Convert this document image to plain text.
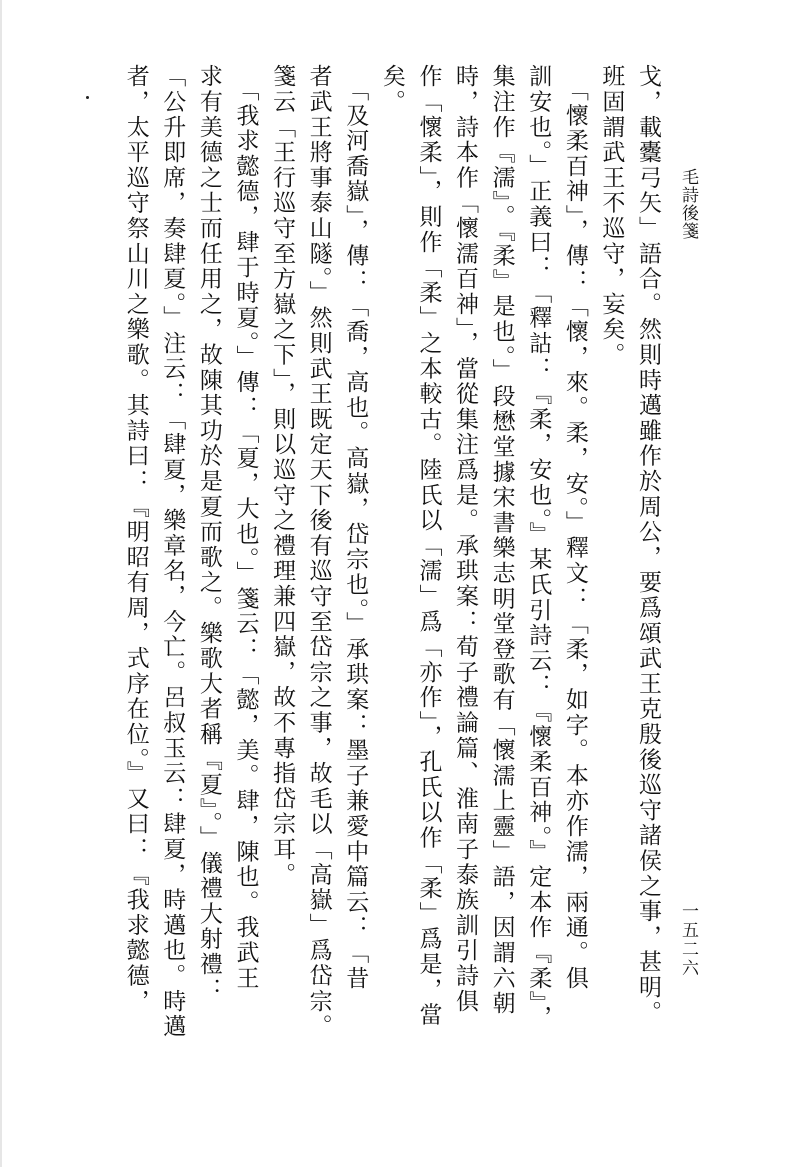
毛詩後箋
一五二六

戈，載櫜弓矢」語合。然則時邁雖作於周公，要爲頌武王克殷後巡守諸侯之事，甚明。

班固謂武王不巡守，妄矣。

　「懷柔百神」，傳：「懷，來。柔，安。」釋文：「柔，如字。本亦作濡，兩通。俱

訓安也。」正義曰：「釋詁：『柔，安也。』某氏引詩云：『懷柔百神。』定本作『柔』，

集注作『濡』。『柔』是也。」段懋堂據宋書樂志明堂登歌有「懷濡上靈」語，因謂六朝

時，詩本作「懷濡百神」，當從集注爲是。承珙案：荀子禮論篇、淮南子泰族訓引詩俱

作「懷柔」，則作「柔」之本較古。陸氏以「濡」爲「亦作」，孔氏以作「柔」爲是，當

矣。

　「及河喬嶽」，傳：「喬，高也。高嶽，岱宗也。」承珙案：墨子兼愛中篇云：「昔

者武王將事泰山隧。」然則武王既定天下後有巡守至岱宗之事，故毛以「高嶽」爲岱宗。

箋云「王行巡守至方嶽之下」，則以巡守之禮理兼四嶽，故不專指岱宗耳。

　「我求懿德，肆于時夏。」傳：「夏，大也。」箋云：「懿，美。肆，陳也。我武王

求有美德之士而任用之，故陳其功於是夏而歌之。樂歌大者稱『夏』。」儀禮大射禮：

「公升即席，奏肆夏。」注云：「肆夏，樂章名，今亡。呂叔玉云：肆夏，時邁也。時邁

者，太平巡守祭山川之樂歌。其詩曰：『明昭有周，式序在位。』又曰：『我求懿德，
